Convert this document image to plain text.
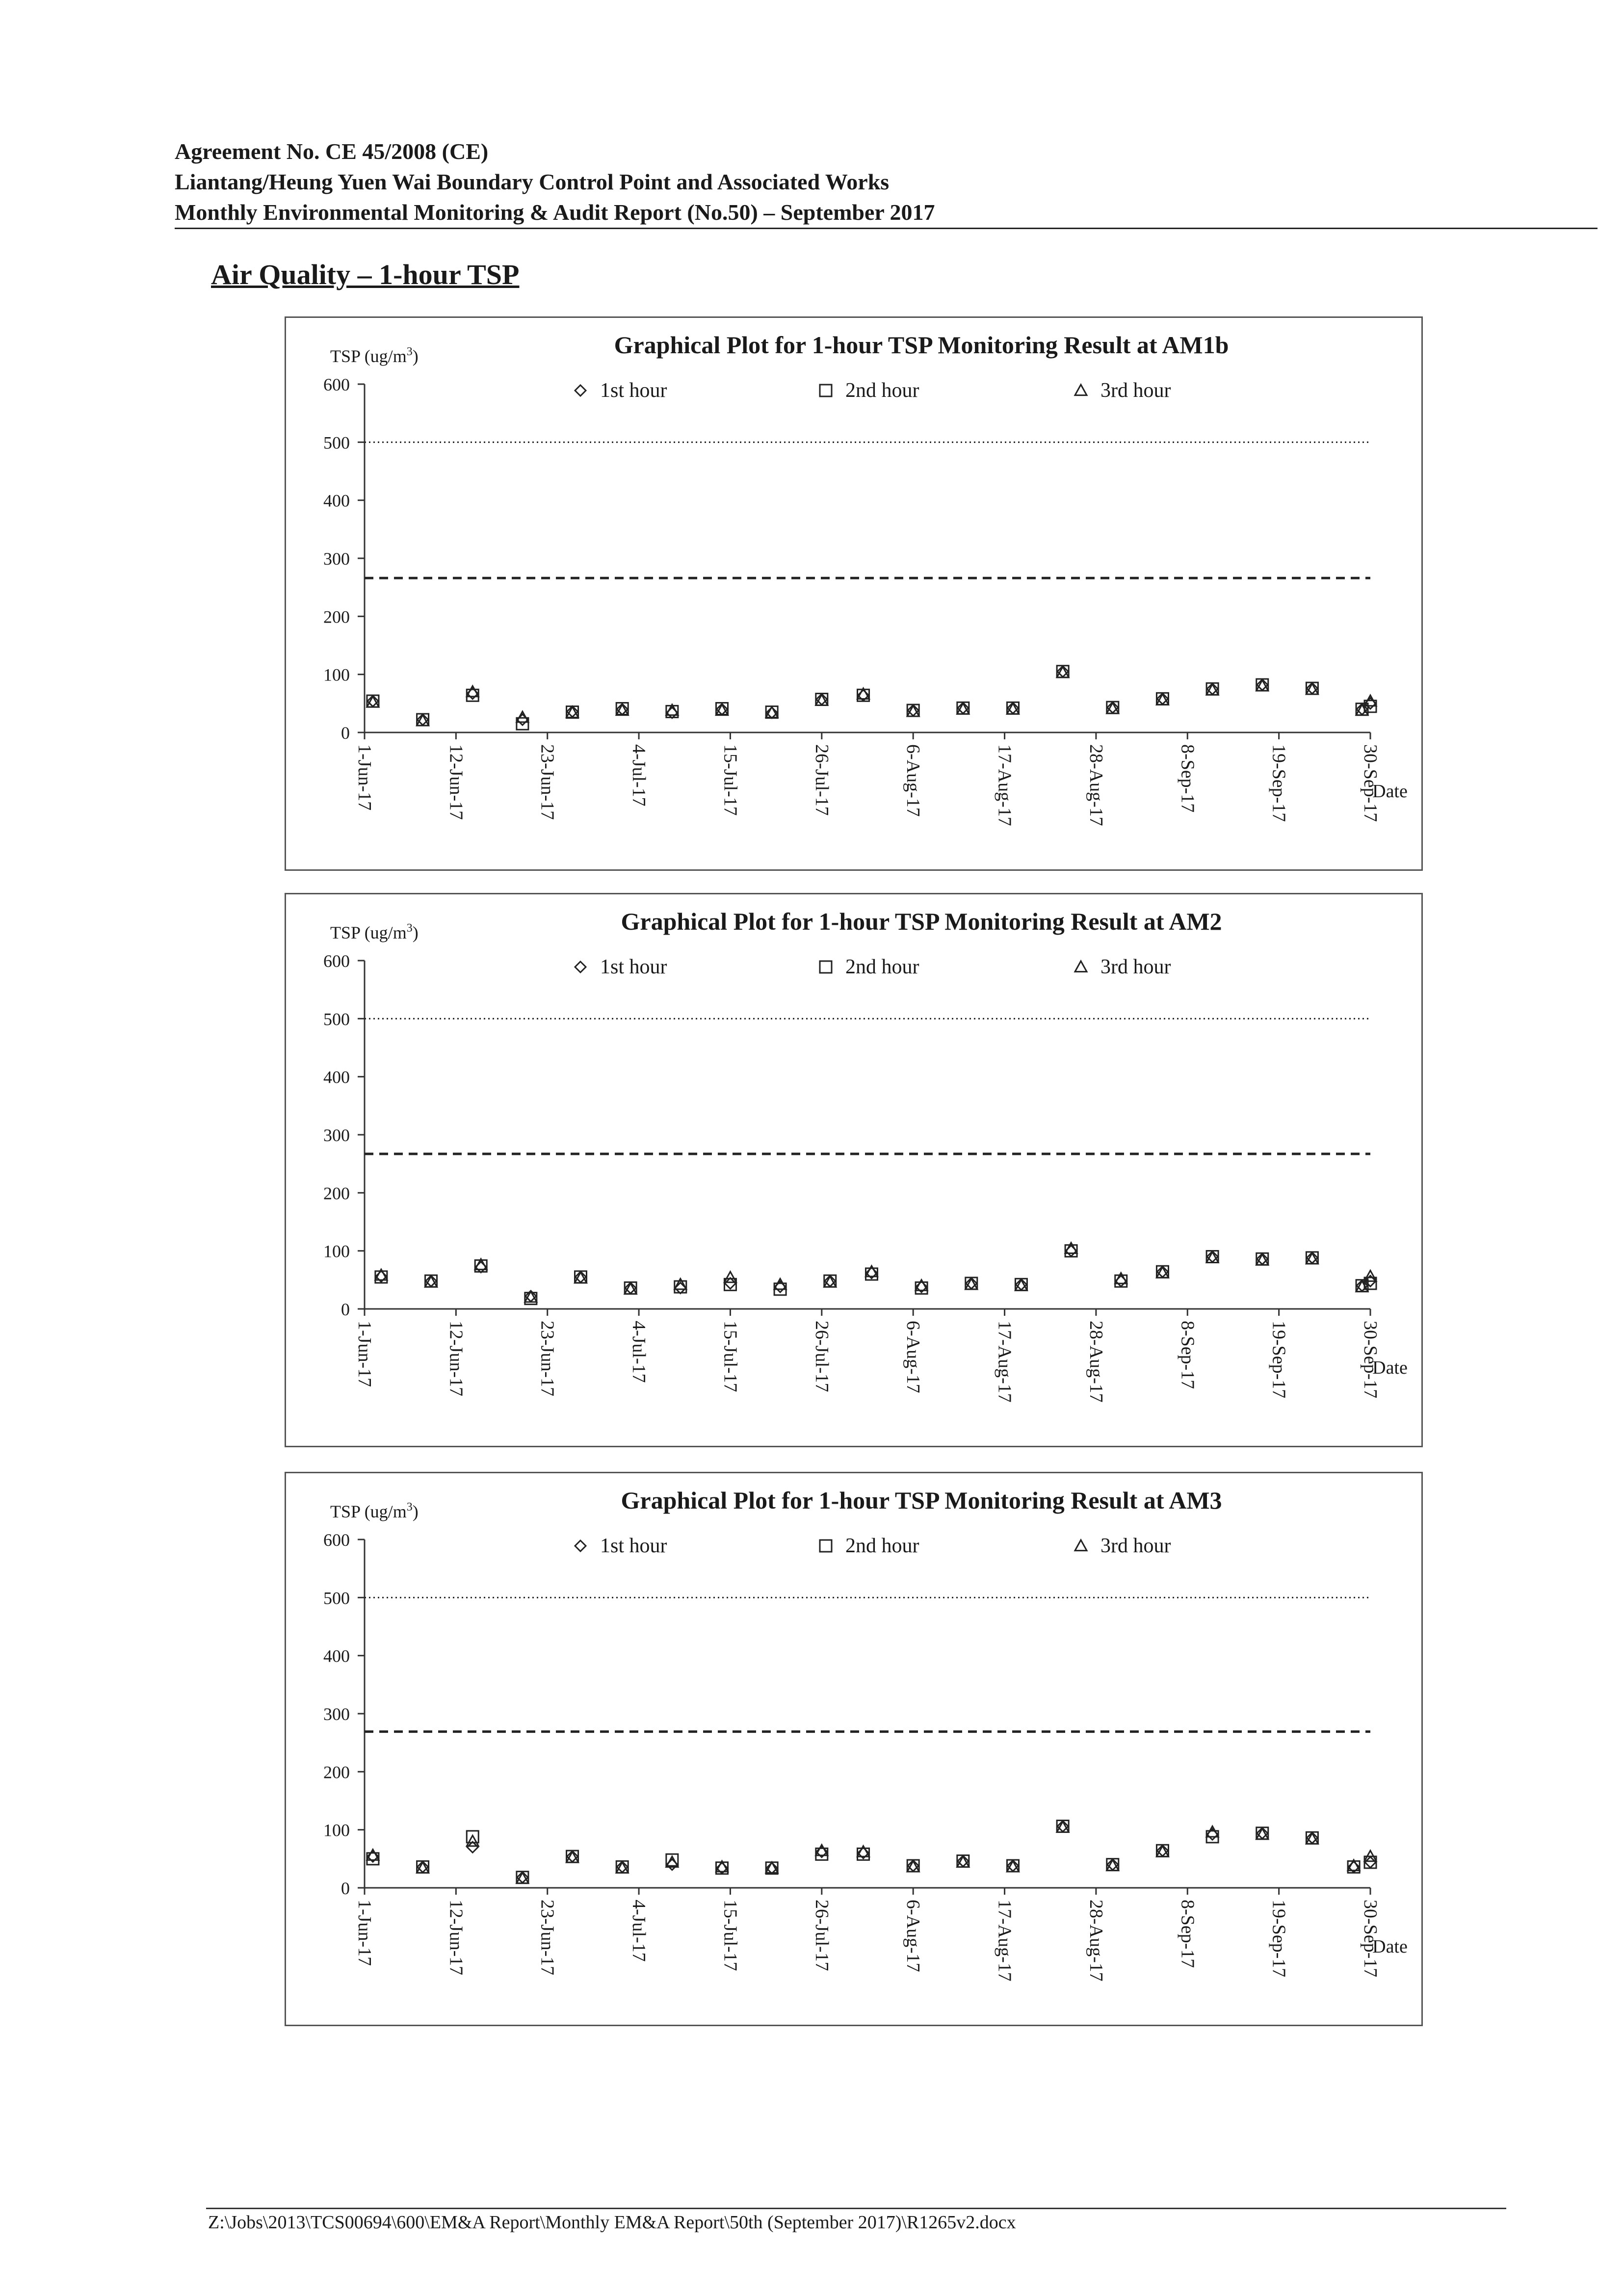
Agreement No. CE 45/2008 (CE)
Liantang/Heung Yuen Wai Boundary Control Point and Associated Works
Monthly Environmental Monitoring & Audit Report (No.50) – September 2017
Air Quality – 1-hour TSP
Graphical Plot for 1-hour TSP Monitoring Result at AM1b
TSP $(ug/m^3)$
1st hour	2nd hour	3rd hour
0
100
200
300
400
500
600
1-Jun-17	12-Jun-17	23-Jun-17	4-Jul-17	15-Jul-17	26-Jul-17	6-Aug-17	17-Aug-17	28-Aug-17	8-Sep-17	19-Sep-17	30-Sep-17
Date
Graphical Plot for 1-hour TSP Monitoring Result at AM2
TSP $(ug/m^3)$
1st hour	2nd hour	3rd hour
0
100
200
300
400
500
600
1-Jun-17	12-Jun-17	23-Jun-17	4-Jul-17	15-Jul-17	26-Jul-17	6-Aug-17	17-Aug-17	28-Aug-17	8-Sep-17	19-Sep-17	30-Sep-17
Date
Graphical Plot for 1-hour TSP Monitoring Result at AM3
TSP $(ug/m^3)$
1st hour	2nd hour	3rd hour
0
100
200
300
400
500
600
1-Jun-17	12-Jun-17	23-Jun-17	4-Jul-17	15-Jul-17	26-Jul-17	6-Aug-17	17-Aug-17	28-Aug-17	8-Sep-17	19-Sep-17	30-Sep-17
Date
Z:\Jobs\2013\TCS00694\600\EM&A Report\Monthly EM&A Report\50th (September 2017)\R1265v2.docx
